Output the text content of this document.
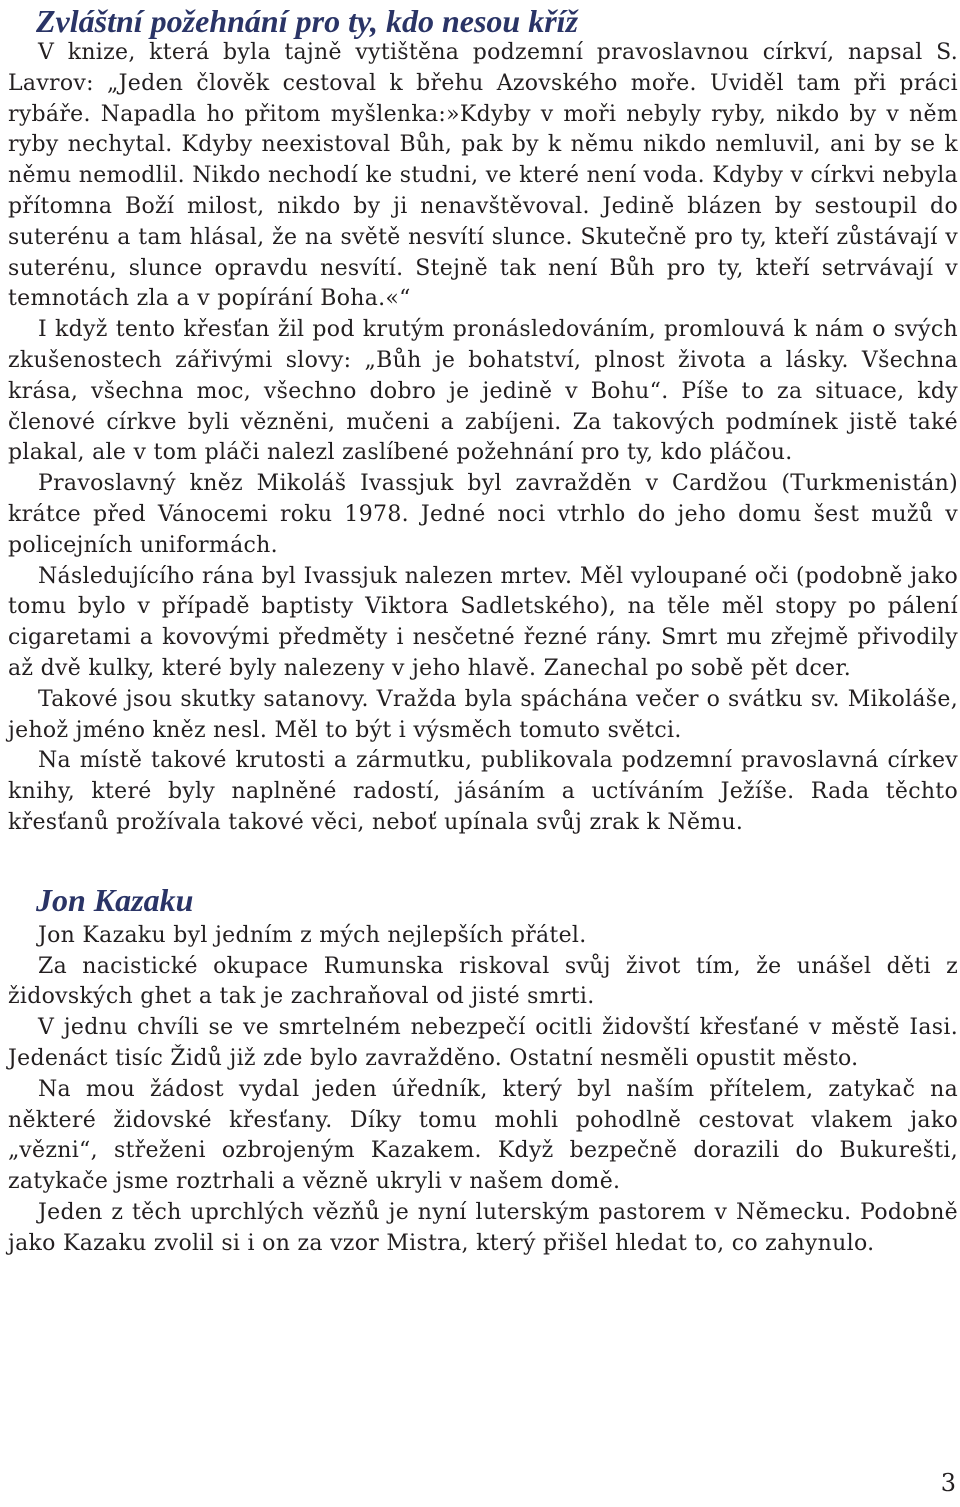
Zvláštní požehnání pro ty, kdo nesou kříž

V knize, která byla tajně vytištěna podzemní pravoslavnou církví, napsal S. Lavrov: „Jeden člověk cestoval k břehu Azovského moře. Uviděl tam při práci rybáře. Napadla ho přitom myšlenka:»Kdyby v moři nebyly ryby, nikdo by v něm ryby nechytal. Kdyby neexistoval Bůh, pak by k němu nikdo nemluvil, ani by se k němu nemodlil. Nikdo nechodí ke studni, ve které není voda. Kdyby v církvi nebyla přítomna Boží milost, nikdo by ji nenavštěvoval. Jedině blázen by sestoupil do suterénu a tam hlásal, že na světě nesvítí slunce. Skutečně pro ty, kteří zůstávají v suterénu, slunce opravdu nesvítí. Stejně tak není Bůh pro ty, kteří setrvávají v temnotách zla a v popírání Boha.«“

I když tento křesťan žil pod krutým pronásledováním, promlouvá k nám o svých zkušenostech zářivými slovy: „Bůh je bohatství, plnost života a lásky. Všechna krása, všechna moc, všechno dobro je jedině v Bohu“. Píše to za situace, kdy členové církve byli vězněni, mučeni a zabíjeni. Za takových podmínek jistě také plakal, ale v tom pláči nalezl zaslíbené požehnání pro ty, kdo pláčou.

Pravoslavný kněz Mikoláš Ivassjuk byl zavražděn v Cardžou (Turkmenistán) krátce před Vánocemi roku 1978. Jedné noci vtrhlo do jeho domu šest mužů v policejních uniformách.

Následujícího rána byl Ivassjuk nalezen mrtev. Měl vyloupané oči (podobně jako tomu bylo v případě baptisty Viktora Sadletského), na těle měl stopy po pálení cigaretami a kovovými předměty i nesčetné řezné rány. Smrt mu zřejmě přivodily až dvě kulky, které byly nalezeny v jeho hlavě. Zanechal po sobě pět dcer.

Takové jsou skutky satanovy. Vražda byla spáchána večer o svátku sv. Mikoláše, jehož jméno kněz nesl. Měl to být i výsměch tomuto světci.

Na místě takové krutosti a zármutku, publikovala podzemní pravoslavná církev knihy, které byly naplněné radostí, jásáním a uctíváním Ježíše. Rada těchto křesťanů prožívala takové věci, neboť upínala svůj zrak k Němu.

Jon Kazaku

Jon Kazaku byl jedním z mých nejlepších přátel.

Za nacistické okupace Rumunska riskoval svůj život tím, že unášel děti z židovských ghet a tak je zachraňoval od jisté smrti.

V jednu chvíli se ve smrtelném nebezpečí ocitli židovští křesťané v městě Iasi. Jedenáct tisíc Židů již zde bylo zavražděno. Ostatní nesměli opustit město.

Na mou žádost vydal jeden úředník, který byl naším přítelem, zatykač na některé židovské křesťany. Díky tomu mohli pohodlně cestovat vlakem jako „vězni“, střeženi ozbrojeným Kazakem. Když bezpečně dorazili do Bukurešti, zatykače jsme roztrhali a vězně ukryli v našem domě.

Jeden z těch uprchlých vězňů je nyní luterským pastorem v Německu. Podobně jako Kazaku zvolil si i on za vzor Mistra, který přišel hledat to, co zahynulo.

3
